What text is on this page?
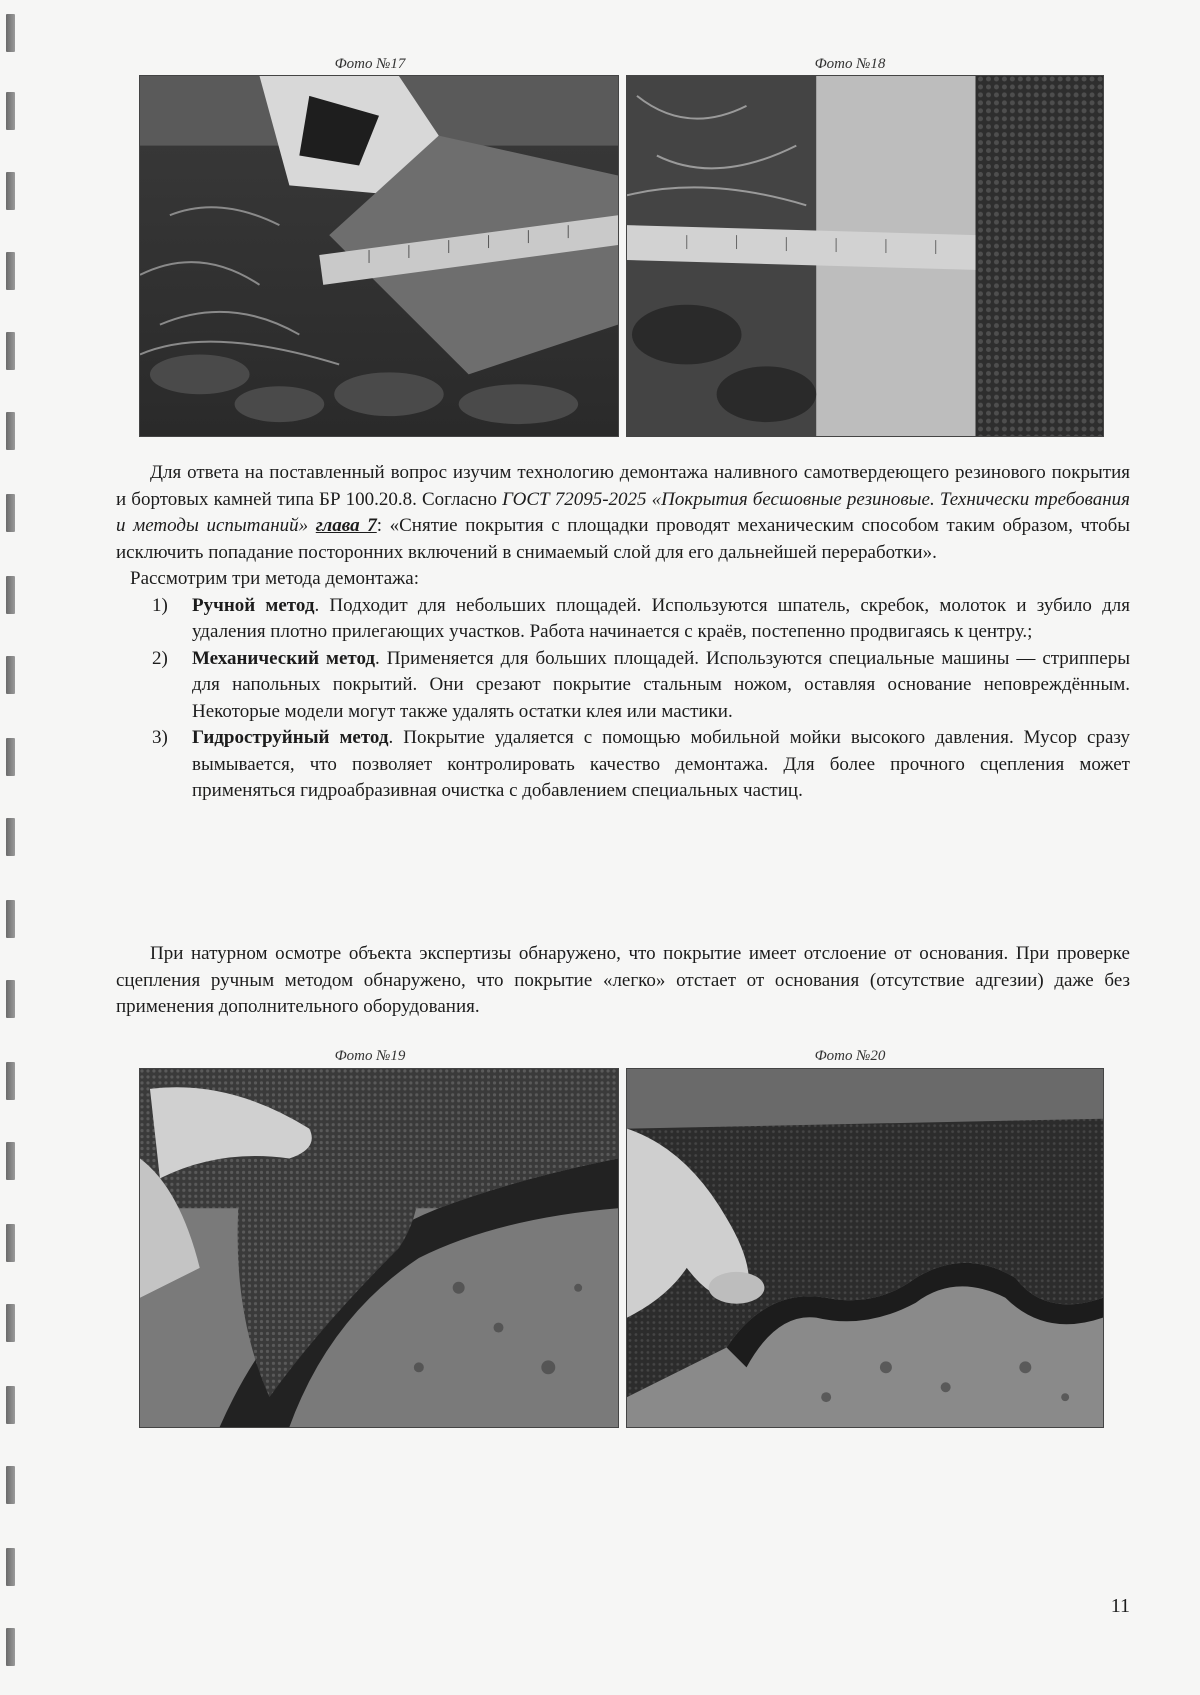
Фото №17	Фото №18

Для ответа на поставленный вопрос изучим технологию демонтажа наливного самотвердеющего резинового покрытия и бортовых камней типа БР 100.20.8. Согласно ГОСТ 72095-2025 «Покрытия бесшовные резиновые. Технически требования и методы испытаний» глава 7: «Снятие покрытия с площадки проводят механическим способом таким образом, чтобы исключить попадание посторонних включений в снимаемый слой для его дальнейшей переработки».

Рассмотрим три метода демонтажа:

1) Ручной метод. Подходит для небольших площадей. Используются шпатель, скребок, молоток и зубило для удаления плотно прилегающих участков. Работа начинается с краёв, постепенно продвигаясь к центру.;
2) Механический метод. Применяется для больших площадей. Используются специальные машины — стрипперы для напольных покрытий. Они срезают покрытие стальным ножом, оставляя основание неповреждённым. Некоторые модели могут также удалять остатки клея или мастики.
3) Гидроструйный метод. Покрытие удаляется с помощью мобильной мойки высокого давления. Мусор сразу вымывается, что позволяет контролировать качество демонтажа. Для более прочного сцепления может применяться гидроабразивная очистка с добавлением специальных частиц.

При натурном осмотре объекта экспертизы обнаружено, что покрытие имеет отслоение от основания. При проверке сцепления ручным методом обнаружено, что покрытие «легко» отстает от основания (отсутствие адгезии) даже без применения дополнительного оборудования.

Фото №19	Фото №20
11
